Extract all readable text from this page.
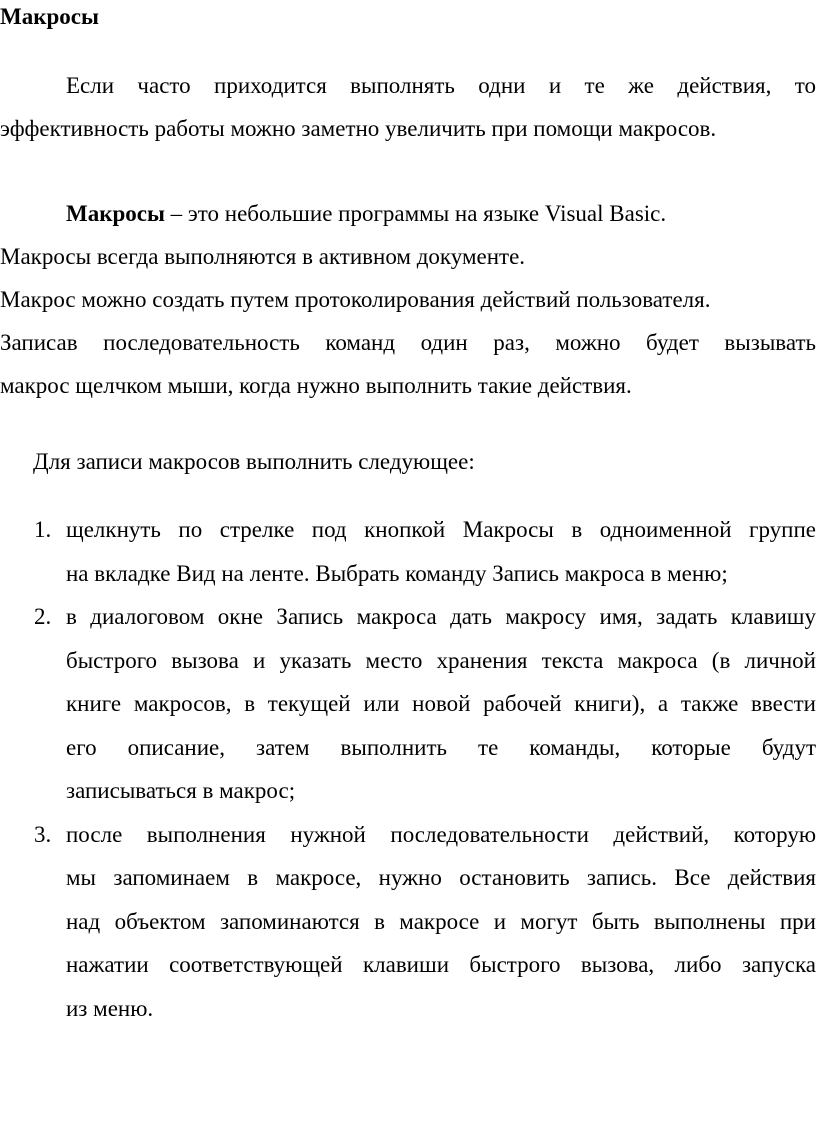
Макросы
Если часто приходится выполнять одни и те же действия, то
эффективность работы можно заметно увеличить при помощи макросов.
Макросы – это небольшие программы на языке Visual Basic.
Макросы всегда выполняются в активном документе.
Макрос можно создать путем протоколирования действий пользователя.
Записав последовательность команд один раз, можно будет вызывать
макрос щелчком мыши, когда нужно выполнить такие действия.
Для записи макросов выполнить следующее:
1. щелкнуть по стрелке под кнопкой Макросы в одноименной группе
на вкладке Вид на ленте. Выбрать команду Запись макроса в меню;
2. в диалоговом окне Запись макроса дать макросу имя, задать клавишу
быстрого вызова и указать место хранения текста макроса (в личной
книге макросов, в текущей или новой рабочей книги), а также ввести
его описание, затем выполнить те команды, которые будут
записываться в макрос;
3. после выполнения нужной последовательности действий, которую
мы запоминаем в макросе, нужно остановить запись. Все действия
над объектом запоминаются в макросе и могут быть выполнены при
нажатии соответствующей клавиши быстрого вызова, либо запуска
из меню.
